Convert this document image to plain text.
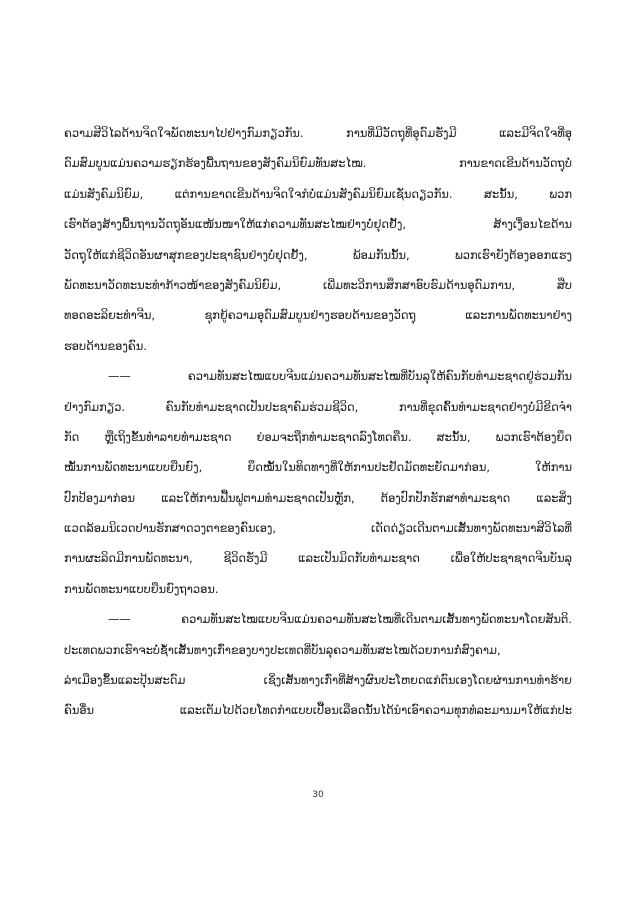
ຄວາມສີວິໄລດ້ານຈິດໃຈພັດທະນາໄປຢ່າງກົມກຽວກັນ. ການທີ່ມີວັດຖຸທີ່ອຸດົມຮັ່ງມີ ແລະມີຈິດໃຈທີ່ອຸ
ດົມສົມບູນແມ່ນຄວາມຮຽກຮ້ອງພື້ນຖານຂອງສັງຄົມນິຍົມທັນສະໄໝ. ການຂາດເຂີນດ້ານວັດຖຸບໍ່
ແມ່ນສັງຄົມນິຍົມ, ແຕ່ການຂາດເຂີນດ້ານຈິດໃຈກໍບໍ່ແມ່ນສັງຄົມນິຍົມເຊັ່ນດຽວກັນ. ສະນັ້ນ, ພວກ
ເຮົາຕ້ອງສ້າງພື້ນຖານວັດຖຸອັນແໜ້ນໜາໃຫ້ແກ່ຄວາມທັນສະໄໝຢ່າງບໍ່ຢຸດຢັ້ງ, ສ້າງເງື່ອນໄຂດ້ານ
ວັດຖຸໃຫ້ແກ່ຊີວິດອັນຜາສຸກຂອງປະຊາຊົນຢ່າງບໍ່ຢຸດຢັ້ງ, ພ້ອມກັນນັ້ນ, ພວກເຮົາຍັງຕ້ອງອອກແຮງ
ພັດທະນາວັດທະນະທຳກ້າວໜ້າຂອງສັງຄົມນິຍົມ, ເພີ່ມທະວີການສຶກສາອົບຮົມດ້ານອຸດົມການ, ສືບ
ທອດອະລິຍະທຳຈີນ, ຊຸກຍູ້ຄວາມອຸດົມສົມບູນຢ່າງຮອບດ້ານຂອງວັດຖຸ ແລະການພັດທະນາຢ່າງ
ຮອບດ້ານຂອງຄົນ.
—— ຄວາມທັນສະໄໝແບບຈີນແມ່ນຄວາມທັນສະໄໝທີ່ບັນລຸໃຫ້ຄົນກັບທຳມະຊາດຢູ່ຮ່ວມກັນ
ຢ່າງກົມກຽວ. ຄົນກັບທຳມະຊາດເປັນປະຊາຄົມຮ່ວມຊີວິດ, ການທີ່ຂຸດຄົ້ນທຳມະຊາດຢ່າງບໍ່ມີຂີດຈຳ
ກັດ ຫຼືເຖິງຂັ້ນທຳລາຍທຳມະຊາດ ຍ່ອມຈະຖືກທຳມະຊາດລົງໂທດຄືນ. ສະນັ້ນ, ພວກເຮົາຕ້ອງຍຶດ
ໝັ້ນການພັດທະນາແບບຍືນຍົງ, ຍຶດໝັ້ນໃນທິດທາງທີ່ໃຫ້ການປະຢັດມັດທະຍັດມາກ່ອນ, ໃຫ້ການ
ປົກປ້ອງມາກ່ອນ ແລະໃຫ້ການຟື້ນຟູຕາມທຳມະຊາດເປັນຫຼັກ, ຕ້ອງປົກປັກຮັກສາທຳມະຊາດ ແລະສິ່ງ
ແວດລ້ອມນິເວດປານຮັກສາດວງຕາຂອງຄົນເອງ, ເດັດດ່ຽວເດີນຕາມເສັ້ນທາງພັດທະນາສີວິໄລທີ່
ການຜະລິດມີການພັດທະນາ, ຊີວິດຮັ່ງມີ ແລະເປັນມິດກັບທຳມະຊາດ ເພື່ອໃຫ້ປະຊາຊາດຈີນບັນລຸ
ການພັດທະນາແບບຍືນຍົງຖາວອນ.
—— ຄວາມທັນສະໄໝແບບຈີນແມ່ນຄວາມທັນສະໄໝທີ່ເດີນຕາມເສັ້ນທາງພັດທະນາໂດຍສັນຕິ.
ປະເທດພວກເຮົາຈະບໍ່ຊ້ຳເສັ້ນທາງເກົ່າຂອງບາງປະເທດທີ່ບັນລຸຄວາມທັນສະໄໝດ້ວຍການກໍ່ສົງຄາມ,
ລ່າເມືອງຂຶ້ນແລະປຸ້ນສະດົມ ເຊິ່ງເສັ້ນທາງເກົ່າທີ່ສ້າງຜົນປະໂຫຍດແກ່ຕົນເອງໂດຍຜ່ານການທຳຮ້າຍ
ຄົນອື່ນ ແລະເຕັມໄປດ້ວຍໂທດກຳແບບເປື້ອນເລືອດນັ້ນໄດ້ນຳເອົາຄວາມທຸກທໍລະມານມາໃຫ້ແກ່ປະ
30
